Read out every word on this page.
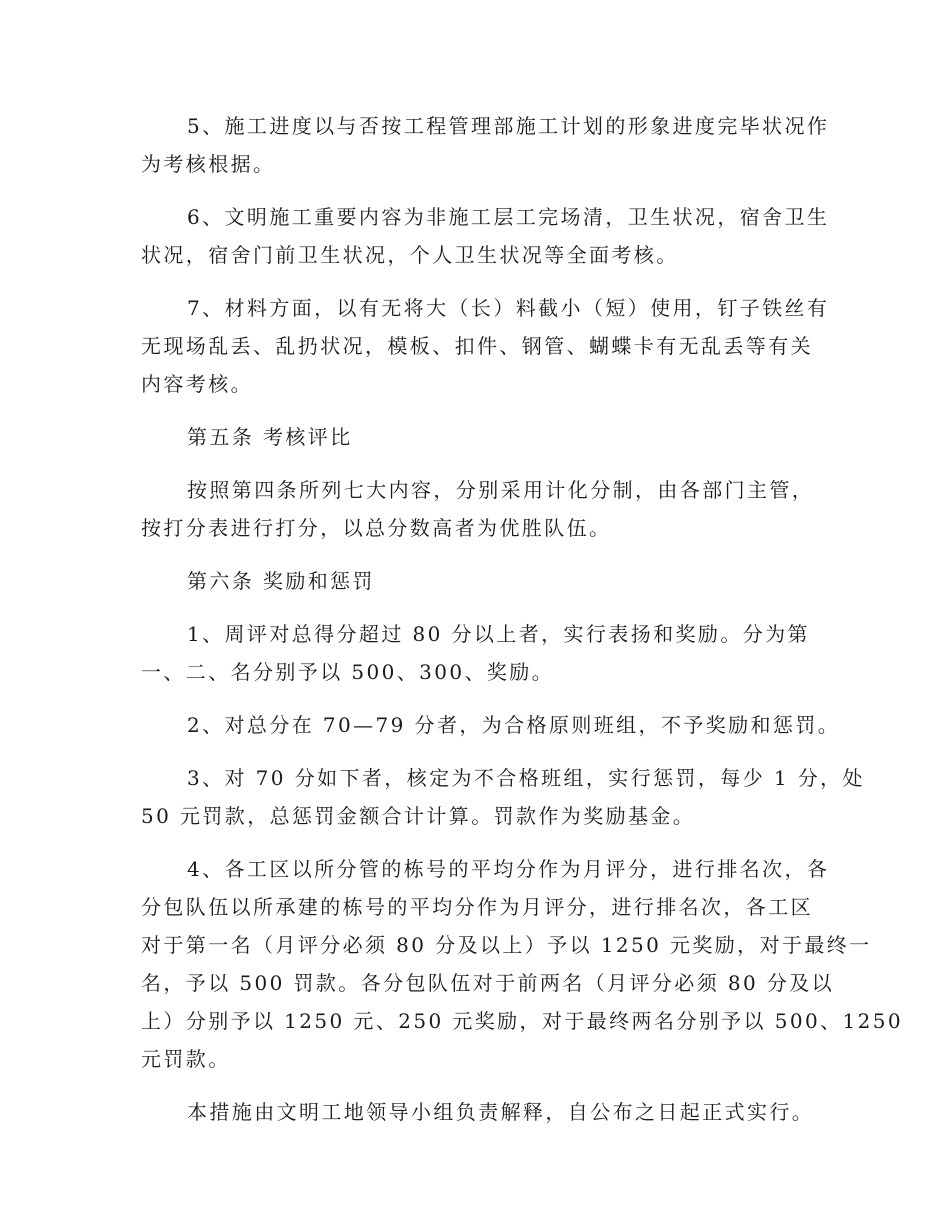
5、施工进度以与否按工程管理部施工计划的形象进度完毕状况作
为考核根据。
6、文明施工重要内容为非施工层工完场清，卫生状况，宿舍卫生
状况，宿舍门前卫生状况，个人卫生状况等全面考核。
7、材料方面，以有无将大（长）料截小（短）使用，钉子铁丝有
无现场乱丢、乱扔状况，模板、扣件、钢管、蝴蝶卡有无乱丢等有关
内容考核。
第五条 考核评比
按照第四条所列七大内容，分别采用计化分制，由各部门主管，
按打分表进行打分，以总分数高者为优胜队伍。
第六条 奖励和惩罚
1、周评对总得分超过 80 分以上者，实行表扬和奖励。分为第
一、二、名分别予以 500、300、奖励。
2、对总分在 70—79 分者，为合格原则班组，不予奖励和惩罚。
3、对 70 分如下者，核定为不合格班组，实行惩罚，每少 1 分，处
50 元罚款，总惩罚金额合计计算。罚款作为奖励基金。
4、各工区以所分管的栋号的平均分作为月评分，进行排名次，各
分包队伍以所承建的栋号的平均分作为月评分，进行排名次，各工区
对于第一名（月评分必须 80 分及以上）予以 1250 元奖励，对于最终一
名，予以 500 罚款。各分包队伍对于前两名（月评分必须 80 分及以
上）分别予以 1250 元、250 元奖励，对于最终两名分别予以 500、1250
元罚款。
本措施由文明工地领导小组负责解释，自公布之日起正式实行。
